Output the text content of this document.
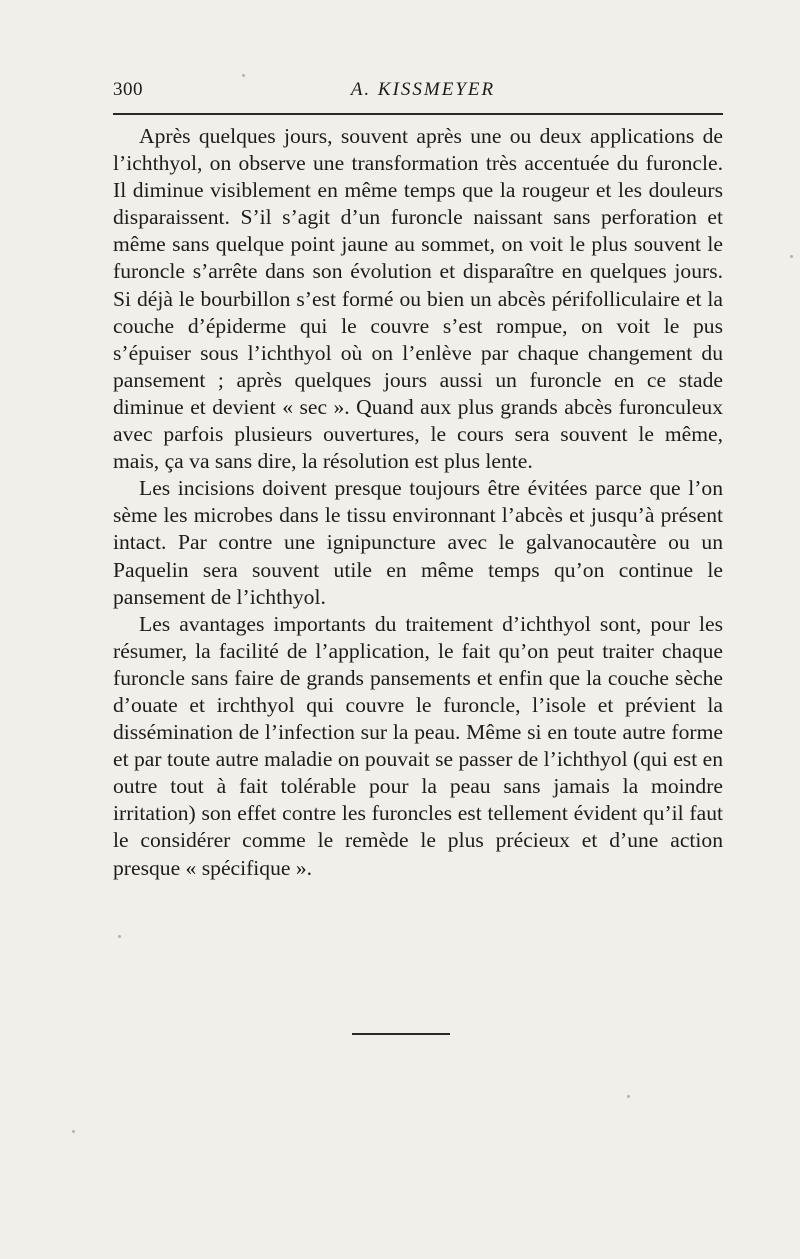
300	A. KISSMEYER

Après quelques jours, souvent après une ou deux applications de l’ichthyol, on observe une transformation très accentuée du furoncle. Il diminue visiblement en même temps que la rougeur et les douleurs disparaissent. S’il s’agit d’un furoncle naissant sans perforation et même sans quelque point jaune au sommet, on voit le plus souvent le furoncle s’arrête dans son évolution et disparaître en quelques jours. Si déjà le bourbillon s’est formé ou bien un abcès périfolliculaire et la couche d’épiderme qui le couvre s’est rompue, on voit le pus s’épuiser sous l’ichthyol où on l’enlève par chaque changement du pansement ; après quelques jours aussi un furoncle en ce stade diminue et devient « sec ». Quand aux plus grands abcès furonculeux avec parfois plusieurs ouvertures, le cours sera souvent le même, mais, ça va sans dire, la résolution est plus lente.

Les incisions doivent presque toujours être évitées parce que l’on sème les microbes dans le tissu environnant l’abcès et jusqu’à présent intact. Par contre une ignipuncture avec le galvanocautère ou un Paquelin sera souvent utile en même temps qu’on continue le pansement de l’ichthyol.

Les avantages importants du traitement d’ichthyol sont, pour les résumer, la facilité de l’application, le fait qu’on peut traiter chaque furoncle sans faire de grands pansements et enfin que la couche sèche d’ouate et irchthyol qui couvre le furoncle, l’isole et prévient la dissémination de l’infection sur la peau. Même si en toute autre forme et par toute autre maladie on pouvait se passer de l’ichthyol (qui est en outre tout à fait tolérable pour la peau sans jamais la moindre irritation) son effet contre les furoncles est tellement évident qu’il faut le considérer comme le remède le plus précieux et d’une action presque « spécifique ».
